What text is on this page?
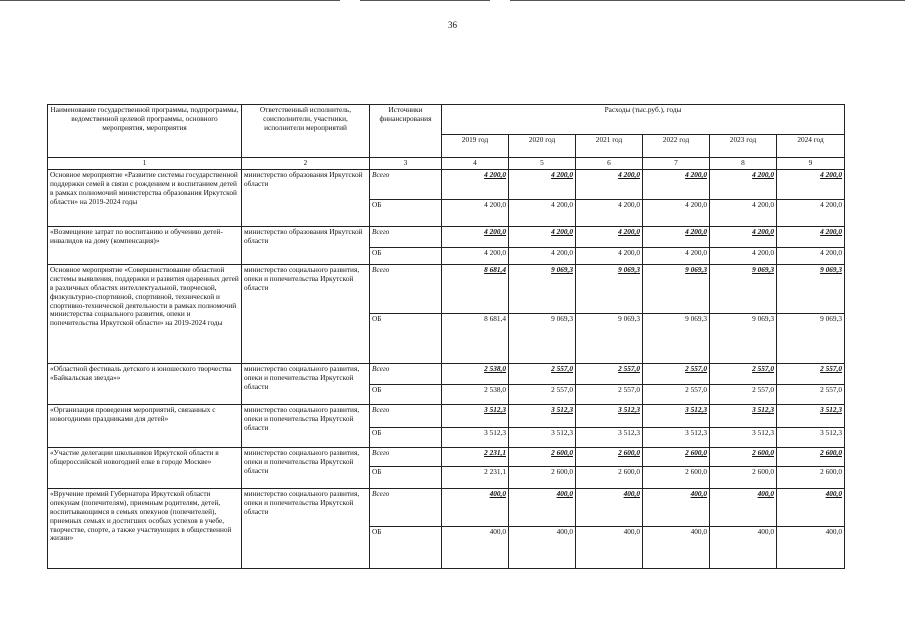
36
Наименование государственной программы, подпрограммы, ведомственной целевой программы, основного мероприятия, мероприятия	Ответственный исполнитель, соисполнители, участники, исполнители мероприятий	Источники финансирования	Расходы (тыс.руб.), годы					
			2019 год	2020 год	2021 год	2022 год	2023 год	2024 год
1	2	3	4	5	6	7	8	9
Основное мероприятие «Развитие системы государственной поддержки семей в связи с рождением и воспитанием детей в рамках полномочий министерства образования Иркутской области» на 2019-2024 годы	министерство образования Иркутской области	Всего	4 200,0	4 200,0	4 200,0	4 200,0	4 200,0	4 200,0
		ОБ	4 200,0	4 200,0	4 200,0	4 200,0	4 200,0	4 200,0
«Возмещение затрат по воспитанию и обучению детей-инвалидов на дому (компенсация)»	министерство образования Иркутской области	Всего	4 200,0	4 200,0	4 200,0	4 200,0	4 200,0	4 200,0
		ОБ	4 200,0	4 200,0	4 200,0	4 200,0	4 200,0	4 200,0
Основное мероприятие «Совершенствование областной системы выявления, поддержки и развития одаренных детей в различных областях интеллектуальной, творческой, физкультурно-спортивной, спортивной, технической и спортивно-технической деятельности в рамках полномочий министерства социального развития, опеки и попечительства Иркутской области» на 2019-2024 годы	министерство социального развития, опеки и попечительства Иркутской области	Всего	8 681,4	9 069,3	9 069,3	9 069,3	9 069,3	9 069,3
		ОБ	8 681,4	9 069,3	9 069,3	9 069,3	9 069,3	9 069,3
«Областной фестиваль детского и юношеского творчества «Байкальская звезда»»	министерство социального развития, опеки и попечительства Иркутской области	Всего	2 538,0	2 557,0	2 557,0	2 557,0	2 557,0	2 557,0
		ОБ	2 538,0	2 557,0	2 557,0	2 557,0	2 557,0	2 557,0
«Организация проведения мероприятий, связанных с новогодними праздниками для детей»	министерство социального развития, опеки и попечительства Иркутской области	Всего	3 512,3	3 512,3	3 512,3	3 512,3	3 512,3	3 512,3
		ОБ	3 512,3	3 512,3	3 512,3	3 512,3	3 512,3	3 512,3
«Участие делегации школьников Иркутской области в общероссийской новогодней елке в городе Москве»	министерство социального развития, опеки и попечительства Иркутской области	Всего	2 231,1	2 600,0	2 600,0	2 600,0	2 600,0	2 600,0
		ОБ	2 231,1	2 600,0	2 600,0	2 600,0	2 600,0	2 600,0
«Вручение премий Губернатора Иркутской области опекунам (попечителям), приемным родителям, детей, воспитывающимся в семьях опекунов (попечителей), приемных семьях и достигших особых успехов в учебе, творчестве, спорте, а также участвующих в общественной жизни»	министерство социального развития, опеки и попечительства Иркутской области	Всего	400,0	400,0	400,0	400,0	400,0	400,0
		ОБ	400,0	400,0	400,0	400,0	400,0	400,0
